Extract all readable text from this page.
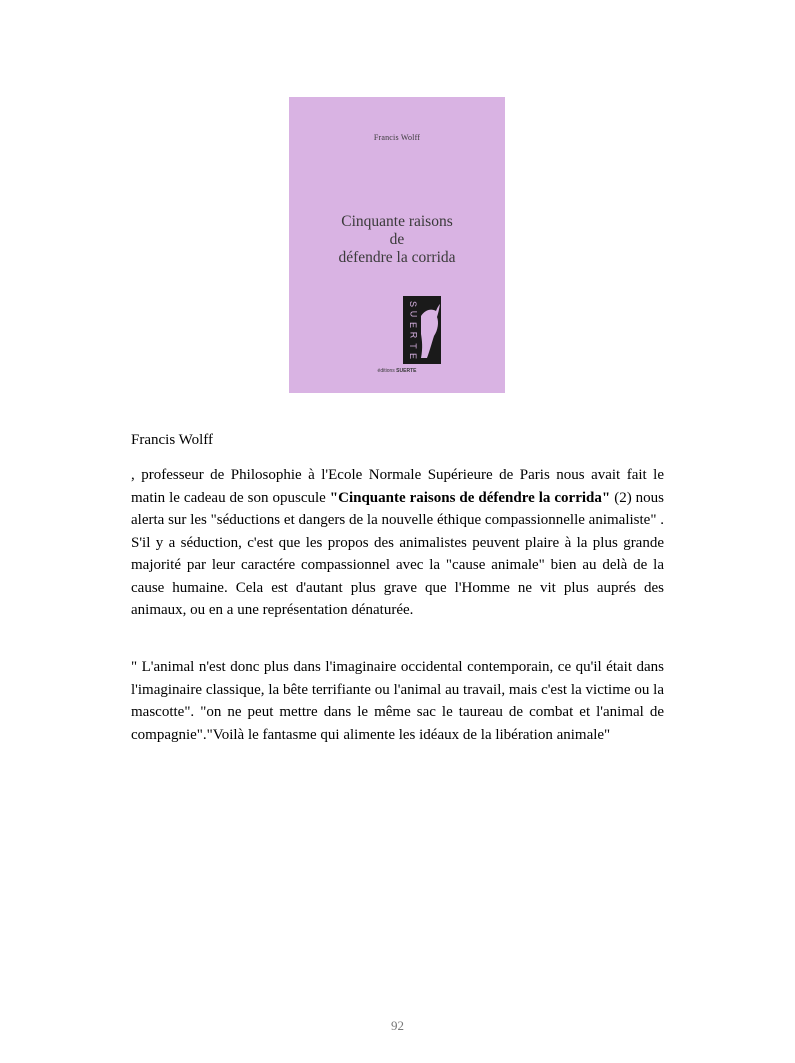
Francis Wolff
Cinquante raisons
de
défendre la corrida
S
U
E
R
T
E
éditions SUERTE
Francis Wolff
, professeur de Philosophie à l'Ecole Normale Supérieure de Paris nous avait fait le matin le cadeau de son opuscule "Cinquante raisons de défendre la corrida" (2) nous alerta sur les "séductions et dangers de la nouvelle éthique compassionnelle animaliste" . S'il y a séduction, c'est que les propos des animalistes peuvent plaire à la plus grande majorité par leur caractére compassionnel avec la "cause animale" bien au delà de la cause humaine. Cela est d'autant plus grave que l'Homme ne vit plus auprés des animaux, ou en a une représentation dénaturée.
" L'animal n'est donc plus dans l'imaginaire occidental contemporain, ce qu'il était dans l'imaginaire classique, la bête terrifiante ou l'animal au travail, mais c'est la victime ou la mascotte". "on ne peut mettre dans le même sac le taureau de combat et l'animal de compagnie"."Voilà le fantasme qui alimente les idéaux de la libération animale"
92
